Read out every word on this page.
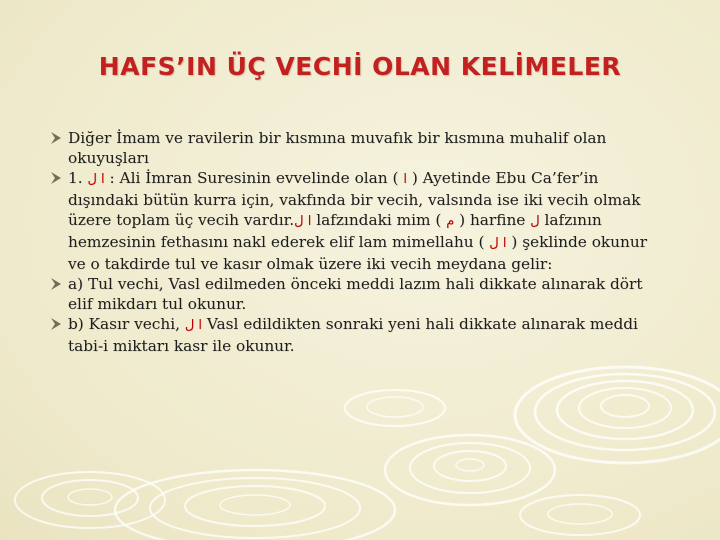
HAFS’IN ÜÇ VECHİ OLAN KELİMELER
Diğer İmam ve ravilerin bir kısmına muvafık bir kısmına muhalif olan
okuyuşları
1. ا ل : Ali İmran Suresinin evvelinde olan ( ا ) Ayetinde Ebu Ca’fer’in
dışındaki bütün kurra için, vakfında bir vecih, valsında ise iki vecih olmak
üzere toplam üç vecih vardır.ا ل lafzındaki mim ( م ) harfine ل lafzının
hemzesinin fethasını nakl ederek elif lam mimellahu ( ا ل ) şeklinde okunur
ve o takdirde tul ve kasır olmak üzere iki vecih meydana gelir:
a) Tul vechi, Vasl edilmeden önceki meddi lazım hali dikkate alınarak dört
elif mikdarı tul okunur.
b) Kasır vechi, ا ل Vasl edildikten sonraki yeni hali dikkate alınarak meddi
tabi-i miktarı kasr ile okunur.
